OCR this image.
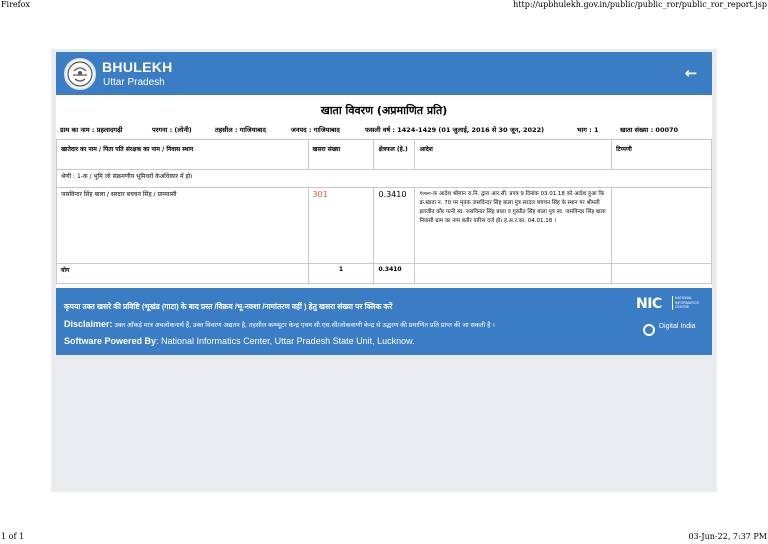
Firefox	http://upbhulekh.gov.in/public/public_ror/public_ror_report.jsp
BHULEKH
Uttar Pradesh
←
खाता विवरण (अप्रमाणित प्रति)
ग्राम का नाम : प्रहलादगढ़ी	परगना : (लोनी)	तहसील : गाजियाबाद	जनपद : गाजियाबाद	फसली वर्ष : 1424-1429 (01 जुलाई, 2016 से 30 जून, 2022)	भाग : 1	खाता संख्या : 00070
खातेदार का नाम / पिता पति संरक्षक का नाम / निवास स्थान	खसरा संख्या	क्षेत्रफल (हे.)	आदेश	टिप्पणी
श्रेणी : 1-क / भूमि जो संक्रमणीय भूमिधरों केअधिकार में हो।				
जसविन्दर सिंह बाला / सरदार बचचन सिंह / ग्रामवासी	301	0.3410	१०७०-क आदेश श्रीमान रा.नि. द्वारा आर.सी. प्रपत्र 9 दिनांक 03.01.18 को आदेश हुआ कि क्र.खाता न. 70 पर मृतक जसविन्दर सिंह बाला पुत्र सरदार बचचन सिंह के स्थान पर श्रीमती इलजीत कौर पत्नी स्व. जसविन्दर सिंह बाला व गुरप्रीत सिंह बाला पुत्र स्व. जसविन्दर सिंह बाला निवासी ग्राम का नाम बतौर वारिस दर्ज हो। ह.अ.र.का. 04.01.18 ।	
योग	1	0.3410		
कृपया उक्त खसरे की प्रविष्टि (भूखंड (गाटा) के बाद प्रस्त /विक्रय /भू-नक्शा /नामांतरण वहीं ) हेतु खसरा संख्या पर क्लिक करें
Disclaimer: उक्त आँकड़े मात्र अवलोकनार्थ हैं, उक्त विवरण अद्यतन है, तहसील कम्प्यूटर केन्द्र एवम सी.एस.सी/लोकवाणी केन्द्र से उद्धरण की प्रमाणित प्रति प्राप्त की जा सकती है ।
Software Powered By: National Informatics Center, Uttar Pradesh State Unit, Lucknow.
NIC	NATIONAL INFORMATICS CENTRE
Digital India
1 of 1	03-Jun-22, 7:37 PM
